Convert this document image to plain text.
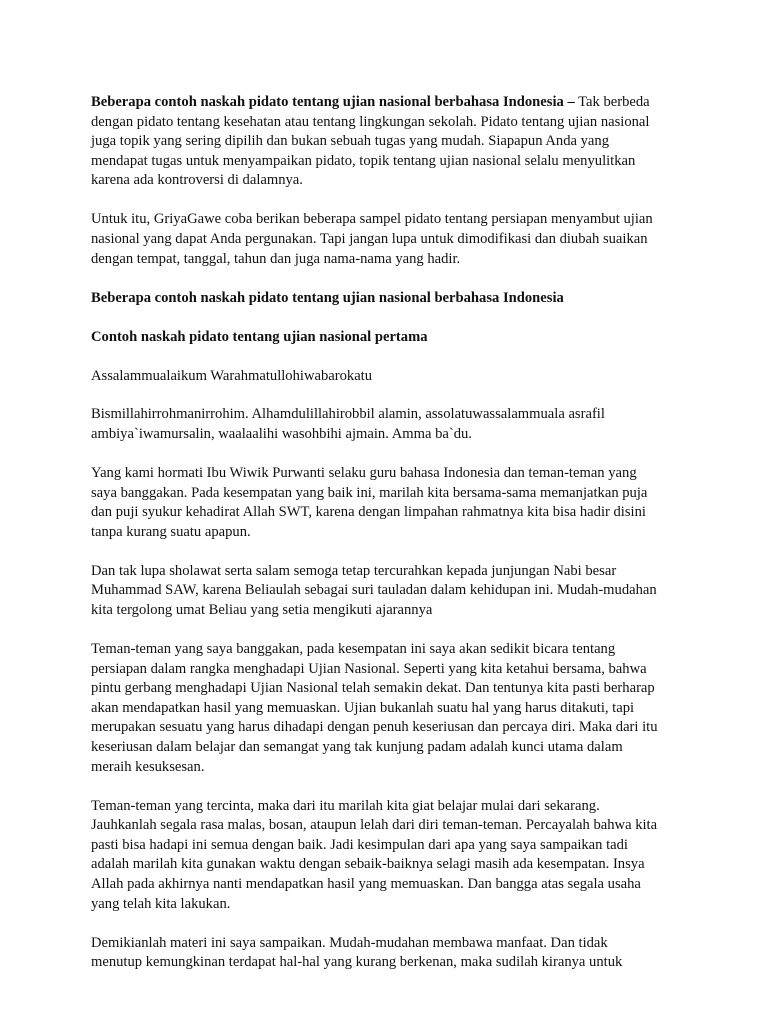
Beberapa contoh naskah pidato tentang ujian nasional berbahasa Indonesia – Tak berbeda
dengan pidato tentang kesehatan atau tentang lingkungan sekolah. Pidato tentang ujian nasional
juga topik yang sering dipilih dan bukan sebuah tugas yang mudah. Siapapun Anda yang
mendapat tugas untuk menyampaikan pidato, topik tentang ujian nasional selalu menyulitkan
karena ada kontroversi di dalamnya.

Untuk itu, GriyaGawe coba berikan beberapa sampel pidato tentang persiapan menyambut ujian
nasional yang dapat Anda pergunakan. Tapi jangan lupa untuk dimodifikasi dan diubah suaikan
dengan tempat, tanggal, tahun dan juga nama-nama yang hadir.

Beberapa contoh naskah pidato tentang ujian nasional berbahasa Indonesia

Contoh naskah pidato tentang ujian nasional pertama

Assalammualaikum Warahmatullohiwabarokatu

Bismillahirrohmanirrohim. Alhamdulillahirobbil alamin, assolatuwassalammuala asrafil
ambiya`iwamursalin, waalaalihi wasohbihi ajmain. Amma ba`du.

Yang kami hormati Ibu Wiwik Purwanti selaku guru bahasa Indonesia dan teman-teman yang
saya banggakan. Pada kesempatan yang baik ini, marilah kita bersama-sama memanjatkan puja
dan puji syukur kehadirat Allah SWT, karena dengan limpahan rahmatnya kita bisa hadir disini
tanpa kurang suatu apapun.

Dan tak lupa sholawat serta salam semoga tetap tercurahkan kepada junjungan Nabi besar
Muhammad SAW, karena Beliaulah sebagai suri tauladan dalam kehidupan ini. Mudah-mudahan
kita tergolong umat Beliau yang setia mengikuti ajarannya

Teman-teman yang saya banggakan, pada kesempatan ini saya akan sedikit bicara tentang
persiapan dalam rangka menghadapi Ujian Nasional. Seperti yang kita ketahui bersama, bahwa
pintu gerbang menghadapi Ujian Nasional telah semakin dekat. Dan tentunya kita pasti berharap
akan mendapatkan hasil yang memuaskan. Ujian bukanlah suatu hal yang harus ditakuti, tapi
merupakan sesuatu yang harus dihadapi dengan penuh keseriusan dan percaya diri. Maka dari itu
keseriusan dalam belajar dan semangat yang tak kunjung padam adalah kunci utama dalam
meraih kesuksesan.

Teman-teman yang tercinta, maka dari itu marilah kita giat belajar mulai dari sekarang.
Jauhkanlah segala rasa malas, bosan, ataupun lelah dari diri teman-teman. Percayalah bahwa kita
pasti bisa hadapi ini semua dengan baik. Jadi kesimpulan dari apa yang saya sampaikan tadi
adalah marilah kita gunakan waktu dengan sebaik-baiknya selagi masih ada kesempatan. Insya
Allah pada akhirnya nanti mendapatkan hasil yang memuaskan. Dan bangga atas segala usaha
yang telah kita lakukan.

Demikianlah materi ini saya sampaikan. Mudah-mudahan membawa manfaat. Dan tidak
menutup kemungkinan terdapat hal-hal yang kurang berkenan, maka sudilah kiranya untuk
